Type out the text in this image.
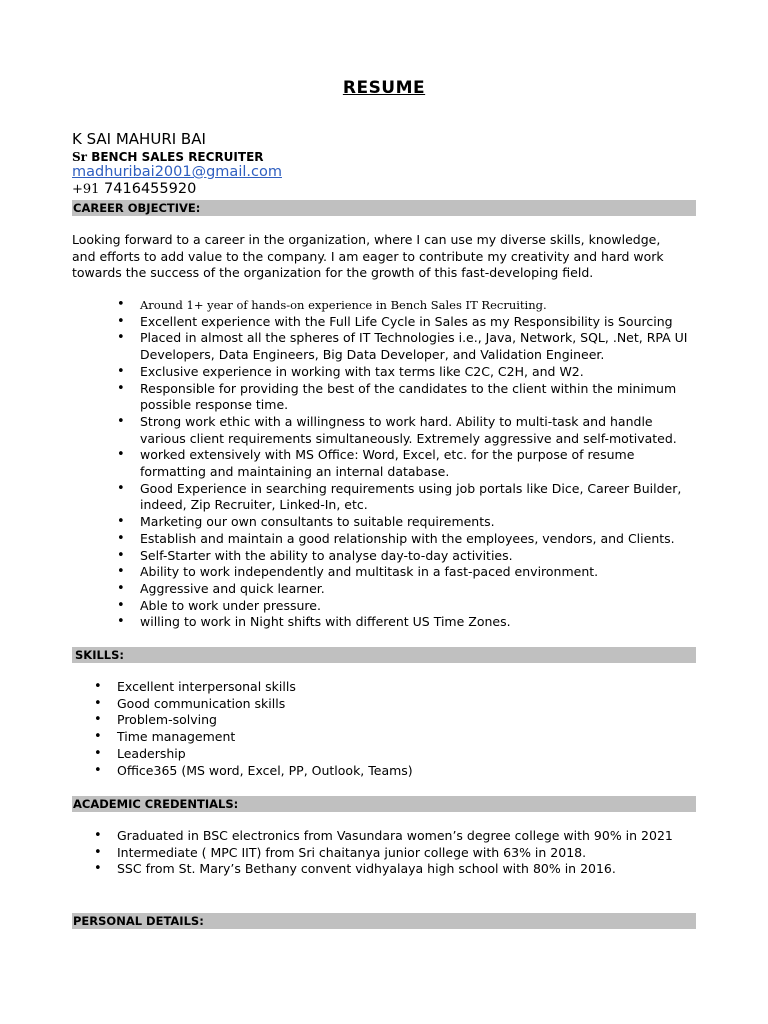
RESUME
K SAI MAHURI BAI
Sr BENCH SALES RECRUITER
madhuribai2001@gmail.com
+91 7416455920
CAREER OBJECTIVE:
Looking forward to a career in the organization, where I can use my diverse skills, knowledge, and efforts to add value to the company. I am eager to contribute my creativity and hard work towards the success of the organization for the growth of this fast-developing field.
• Around 1+ year of hands-on experience in Bench Sales IT Recruiting.
• Excellent experience with the Full Life Cycle in Sales as my Responsibility is Sourcing
• Placed in almost all the spheres of IT Technologies i.e., Java, Network, SQL, .Net, RPA UI Developers, Data Engineers, Big Data Developer, and Validation Engineer.
• Exclusive experience in working with tax terms like C2C, C2H, and W2.
• Responsible for providing the best of the candidates to the client within the minimum possible response time.
• Strong work ethic with a willingness to work hard. Ability to multi-task and handle various client requirements simultaneously. Extremely aggressive and self-motivated.
• worked extensively with MS Office: Word, Excel, etc. for the purpose of resume formatting and maintaining an internal database.
• Good Experience in searching requirements using job portals like Dice, Career Builder, indeed, Zip Recruiter, Linked-In, etc.
• Marketing our own consultants to suitable requirements.
• Establish and maintain a good relationship with the employees, vendors, and Clients.
• Self-Starter with the ability to analyse day-to-day activities.
• Ability to work independently and multitask in a fast-paced environment.
• Aggressive and quick learner.
• Able to work under pressure.
• willing to work in Night shifts with different US Time Zones.
SKILLS:
• Excellent interpersonal skills
• Good communication skills
• Problem-solving
• Time management
• Leadership
• Office365 (MS word, Excel, PP, Outlook, Teams)
ACADEMIC CREDENTIALS:
• Graduated in BSC electronics from Vasundara women’s degree college with 90% in 2021
• Intermediate ( MPC IIT) from Sri chaitanya junior college with 63% in 2018.
• SSC from St. Mary’s Bethany convent vidhyalaya high school with 80% in 2016.
PERSONAL DETAILS:
